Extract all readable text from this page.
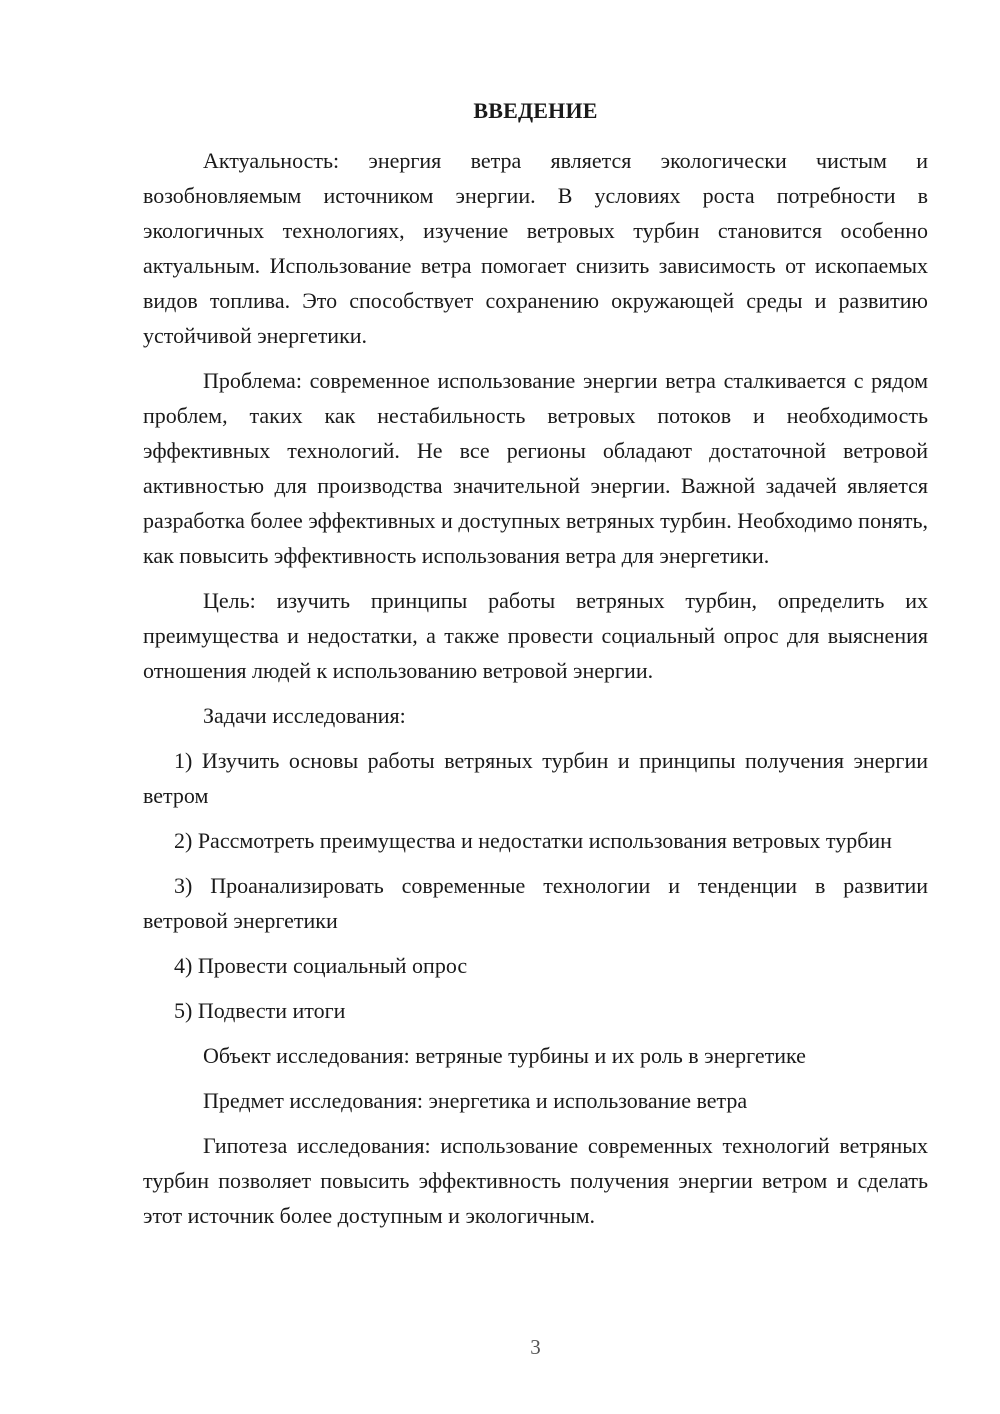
ВВЕДЕНИЕ

Актуальность: энергия ветра является экологически чистым и возобновляемым источником энергии. В условиях роста потребности в экологичных технологиях, изучение ветровых турбин становится особенно актуальным. Использование ветра помогает снизить зависимость от ископаемых видов топлива. Это способствует сохранению окружающей среды и развитию устойчивой энергетики.

Проблема: современное использование энергии ветра сталкивается с рядом проблем, таких как нестабильность ветровых потоков и необходимость эффективных технологий. Не все регионы обладают достаточной ветровой активностью для производства значительной энергии. Важной задачей является разработка более эффективных и доступных ветряных турбин. Необходимо понять, как повысить эффективность использования ветра для энергетики.

Цель: изучить принципы работы ветряных турбин, определить их преимущества и недостатки, а также провести социальный опрос для выяснения отношения людей к использованию ветровой энергии.

Задачи исследования:

1) Изучить основы работы ветряных турбин и принципы получения энергии ветром

2) Рассмотреть преимущества и недостатки использования ветровых турбин

3) Проанализировать современные технологии и тенденции в развитии ветровой энергетики

4) Провести социальный опрос

5) Подвести итоги

Объект исследования: ветряные турбины и их роль в энергетике

Предмет исследования: энергетика и использование ветра

Гипотеза исследования: использование современных технологий ветряных турбин позволяет повысить эффективность получения энергии ветром и сделать этот источник более доступным и экологичным.

3
